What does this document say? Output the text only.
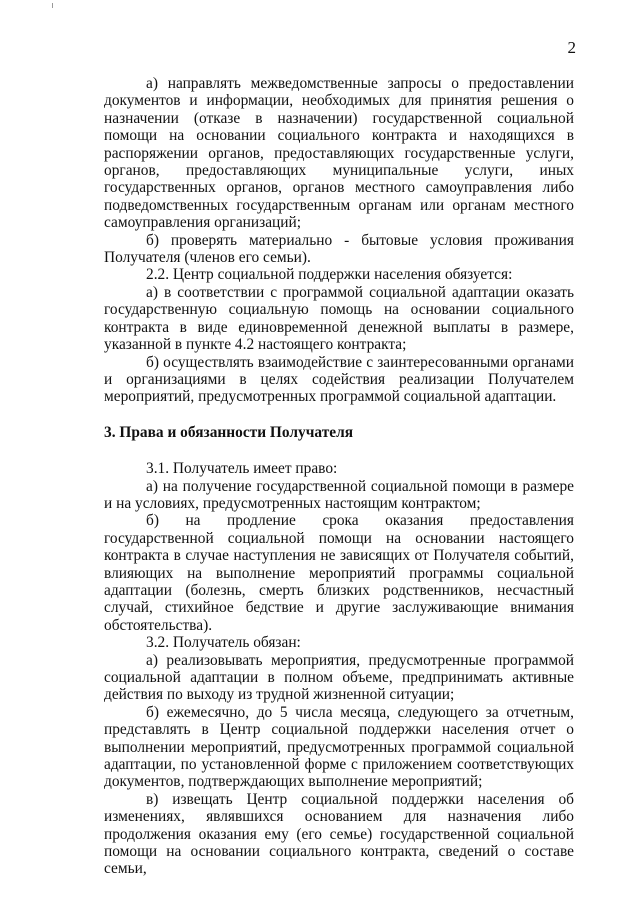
2

а) направлять межведомственные запросы о предоставлении документов и информации, необходимых для принятия решения о назначении (отказе в назначении) государственной социальной помощи на основании социального контракта и находящихся в распоряжении органов, предоставляющих государственные услуги, органов, предоставляющих муниципальные услуги, иных государственных органов, органов местного самоуправления либо подведомственных государственным органам или органам местного самоуправления организаций;

б) проверять материально - бытовые условия проживания Получателя (членов его семьи).

2.2. Центр социальной поддержки населения обязуется:

а) в соответствии с программой социальной адаптации оказать государственную социальную помощь на основании социального контракта в виде единовременной денежной выплаты в размере, указанной в пункте 4.2 настоящего контракта;

б) осуществлять взаимодействие с заинтересованными органами и организациями в целях содействия реализации Получателем мероприятий, предусмотренных программой социальной адаптации.

3. Права и обязанности Получателя

3.1. Получатель имеет право:

а) на получение государственной социальной помощи в размере и на условиях, предусмотренных настоящим контрактом;

б) на продление срока оказания предоставления государственной социальной помощи на основании настоящего контракта в случае наступления не зависящих от Получателя событий, влияющих на выполнение мероприятий программы социальной адаптации (болезнь, смерть близких родственников, несчастный случай, стихийное бедствие и другие заслуживающие внимания обстоятельства).

3.2. Получатель обязан:

а) реализовывать мероприятия, предусмотренные программой социальной адаптации в полном объеме, предпринимать активные действия по выходу из трудной жизненной ситуации;

б) ежемесячно, до 5 числа месяца, следующего за отчетным, представлять в Центр социальной поддержки населения отчет о выполнении мероприятий, предусмотренных программой социальной адаптации, по установленной форме с приложением соответствующих документов, подтверждающих выполнение мероприятий;

в) извещать Центр социальной поддержки населения об изменениях, являвшихся основанием для назначения либо продолжения оказания ему (его семье) государственной социальной помощи на основании социального контракта, сведений о составе семьи,
